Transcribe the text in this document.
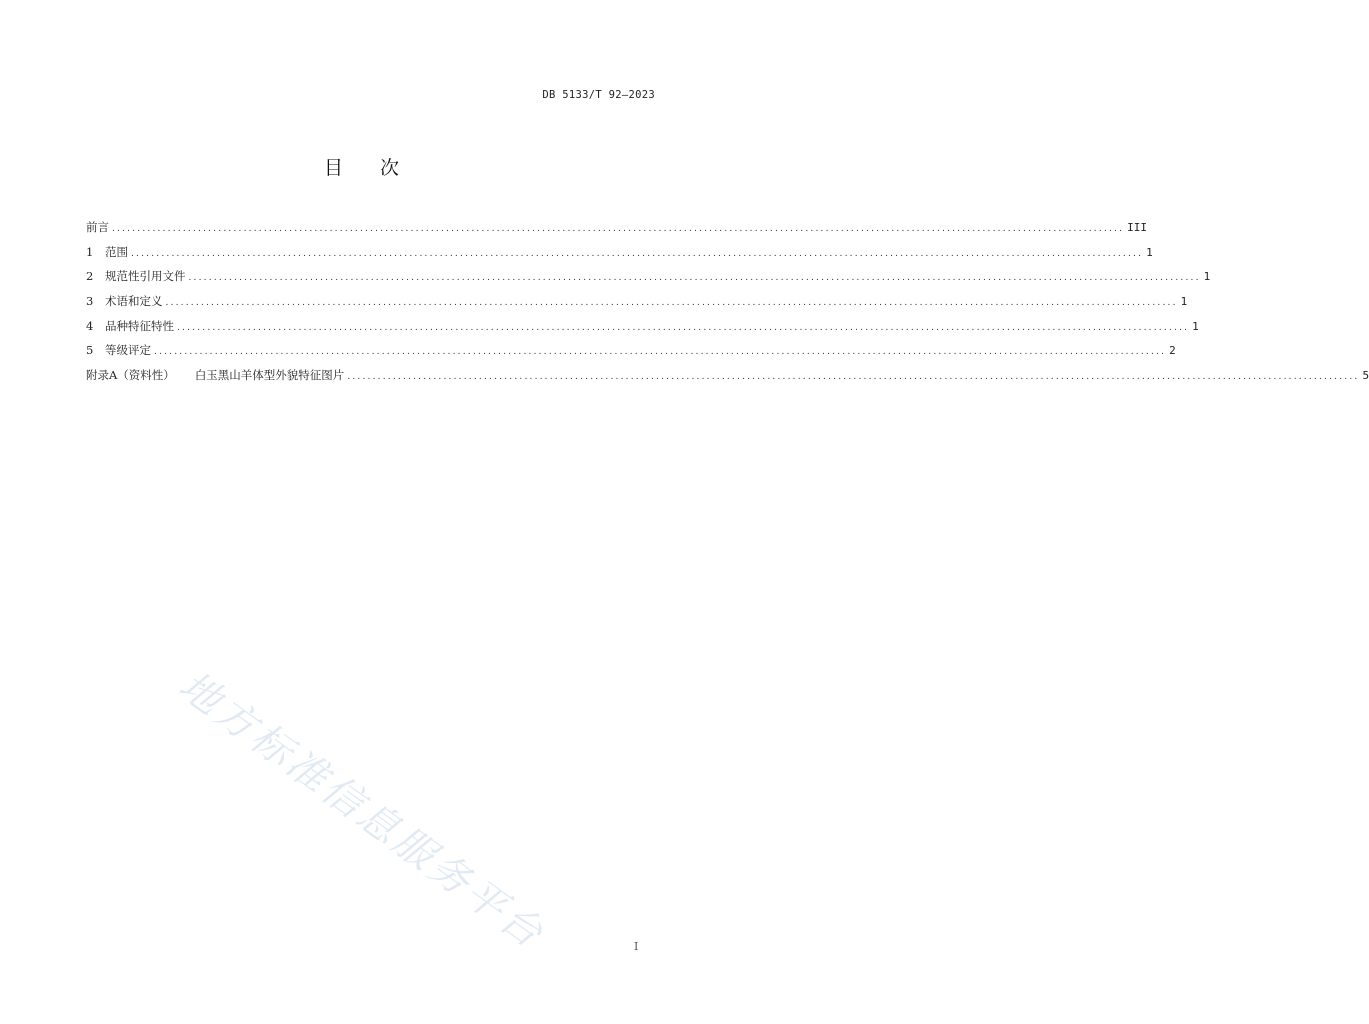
DB 5133/T 92—2023
目 次
前言 ........................................................................................................................................................................................................ III
1	范围 ........................................................................................................................................................................................................ 1
2	规范性引用文件 ........................................................................................................................................................................................................ 1
3	术语和定义 ........................................................................................................................................................................................................ 1
4	品种特征特性 ........................................................................................................................................................................................................ 1
5	等级评定 ........................................................................................................................................................................................................ 2
附录A（资料性） 白玉黑山羊体型外貌特征图片 ........................................................................................................................................................................................................ 5
地方标准信息服务平台	I
